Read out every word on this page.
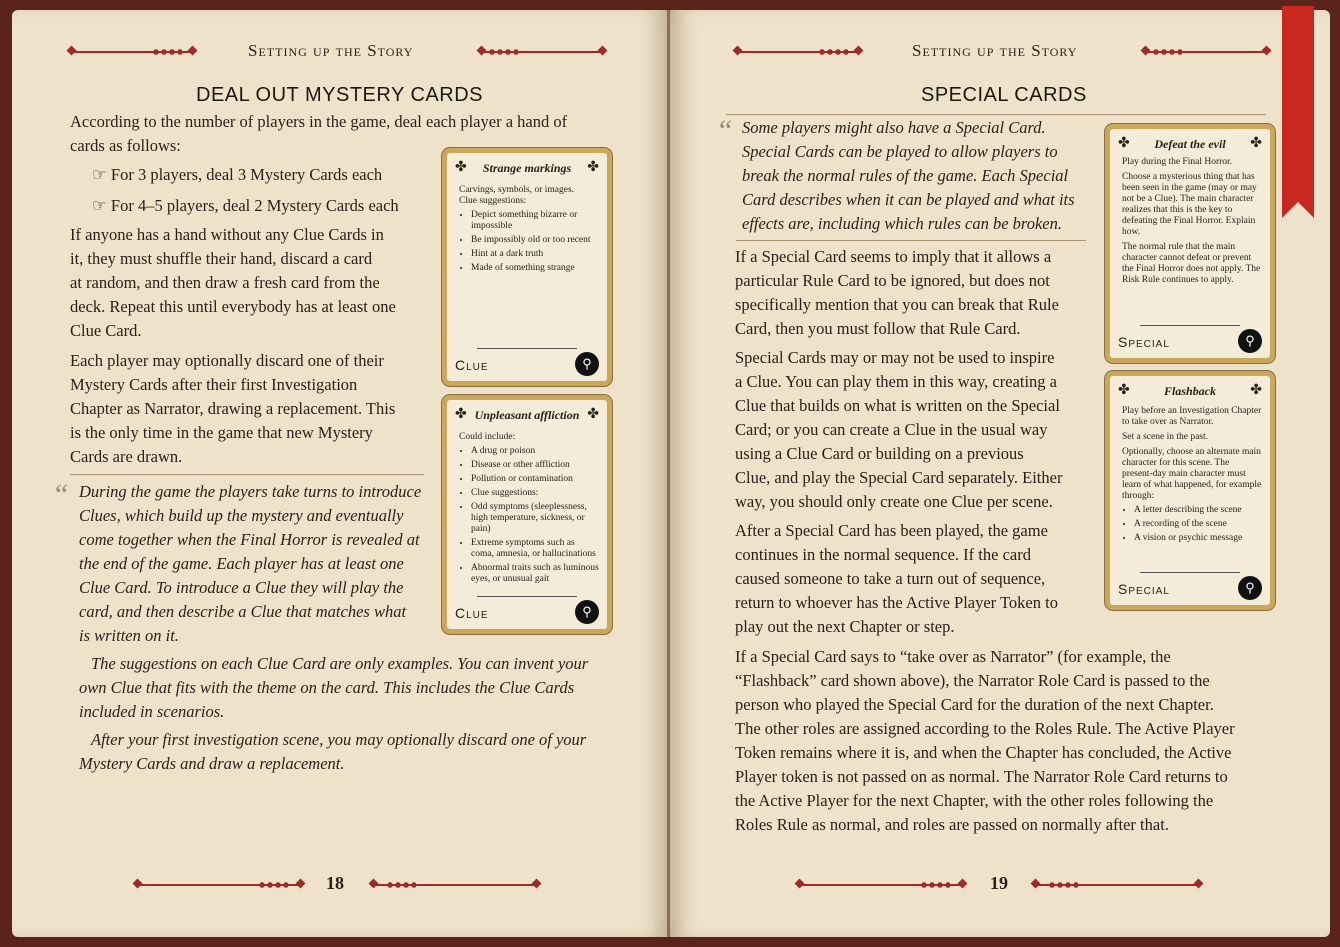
Setting up the Story
DEAL OUT MYSTERY CARDS
According to the number of players in the game, deal each player a hand of
cards as follows:
☞ For 3 players, deal 3 Mystery Cards each
☞ For 4–5 players, deal 2 Mystery Cards each
If anyone has a hand without any Clue Cards in
it, they must shuffle their hand, discard a card
at random, and then draw a fresh card from the
deck. Repeat this until everybody has at least one
Clue Card.
Each player may optionally discard one of their
Mystery Cards after their first Investigation
Chapter as Narrator, drawing a replacement. This
is the only time in the game that new Mystery
Cards are drawn.
“ During the game the players take turns to introduce
Clues, which build up the mystery and eventually
come together when the Final Horror is revealed at
the end of the game. Each player has at least one
Clue Card. To introduce a Clue they will play the
card, and then describe a Clue that matches what
is written on it.
The suggestions on each Clue Card are only examples. You can invent your
own Clue that fits with the theme on the card. This includes the Clue Cards
included in scenarios.
After your first investigation scene, you may optionally discard one of your
Mystery Cards and draw a replacement.
✤	✤
Strange markings
Carvings, symbols, or images.
Clue suggestions:
• Depict something bizarre or impossible
• Be impossibly old or too recent
• Hint at a dark truth
• Made of something strange
Clue	⚲
✤	✤
Unpleasant affliction
Could include:
• A drug or poison
• Disease or other affliction
• Pollution or contamination
• Clue suggestions:
• Odd symptoms (sleeplessness, high temperature, sickness, or pain)
• Extreme symptoms such as coma, amnesia, or hallucinations
• Abnormal traits such as luminous eyes, or unusual gait
Clue	⚲
18
Setting up the Story
SPECIAL CARDS
“ Some players might also have a Special Card.
Special Cards can be played to allow players to
break the normal rules of the game. Each Special
Card describes when it can be played and what its
effects are, including which rules can be broken.
If a Special Card seems to imply that it allows a
particular Rule Card to be ignored, but does not
specifically mention that you can break that Rule
Card, then you must follow that Rule Card.
Special Cards may or may not be used to inspire
a Clue. You can play them in this way, creating a
Clue that builds on what is written on the Special
Card; or you can create a Clue in the usual way
using a Clue Card or building on a previous
Clue, and play the Special Card separately. Either
way, you should only create one Clue per scene.
After a Special Card has been played, the game
continues in the normal sequence. If the card
caused someone to take a turn out of sequence,
return to whoever has the Active Player Token to
play out the next Chapter or step.
If a Special Card says to “take over as Narrator” (for example, the
“Flashback” card shown above), the Narrator Role Card is passed to the
person who played the Special Card for the duration of the next Chapter.
The other roles are assigned according to the Roles Rule. The Active Player
Token remains where it is, and when the Chapter has concluded, the Active
Player token is not passed on as normal. The Narrator Role Card returns to
the Active Player for the next Chapter, with the other roles following the
Roles Rule as normal, and roles are passed on normally after that.
✤	✤
Defeat the evil
Play during the Final Horror.
Choose a mysterious thing that has been seen in the game (may or may not be a Clue). The main character realizes that this is the key to defeating the Final Horror. Explain how.
The normal rule that the main character cannot defeat or prevent the Final Horror does not apply. The Risk Rule continues to apply.
Special	⚲
✤	✤
Flashback
Play before an Investigation Chapter to take over as Narrator.
Set a scene in the past.
Optionally, choose an alternate main character for this scene. The present-day main character must learn of what happened, for example through:
• A letter describing the scene
• A recording of the scene
• A vision or psychic message
Special	⚲
19
